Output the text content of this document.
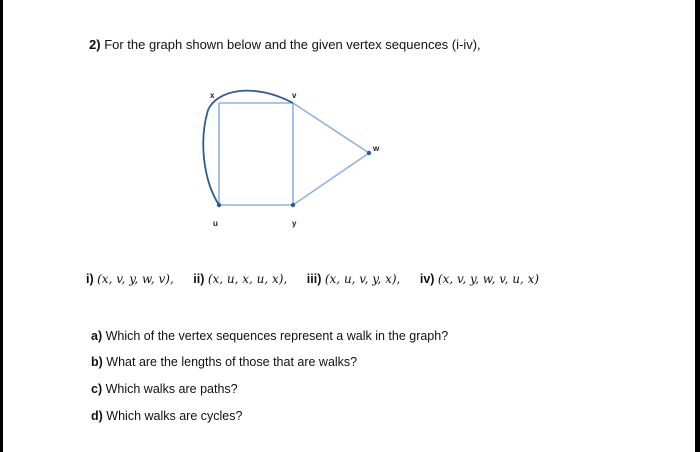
2) For the graph shown below and the given vertex sequences (i-iv),
x	v
w
u	y
i) (x, v, y, w, v), ii) (x, u, x, u, x), iii) (x, u, v, y, x), iv) (x, v, y, w, v, u, x)
a) Which of the vertex sequences represent a walk in the graph?
b) What are the lengths of those that are walks?
c) Which walks are paths?
d) Which walks are cycles?
